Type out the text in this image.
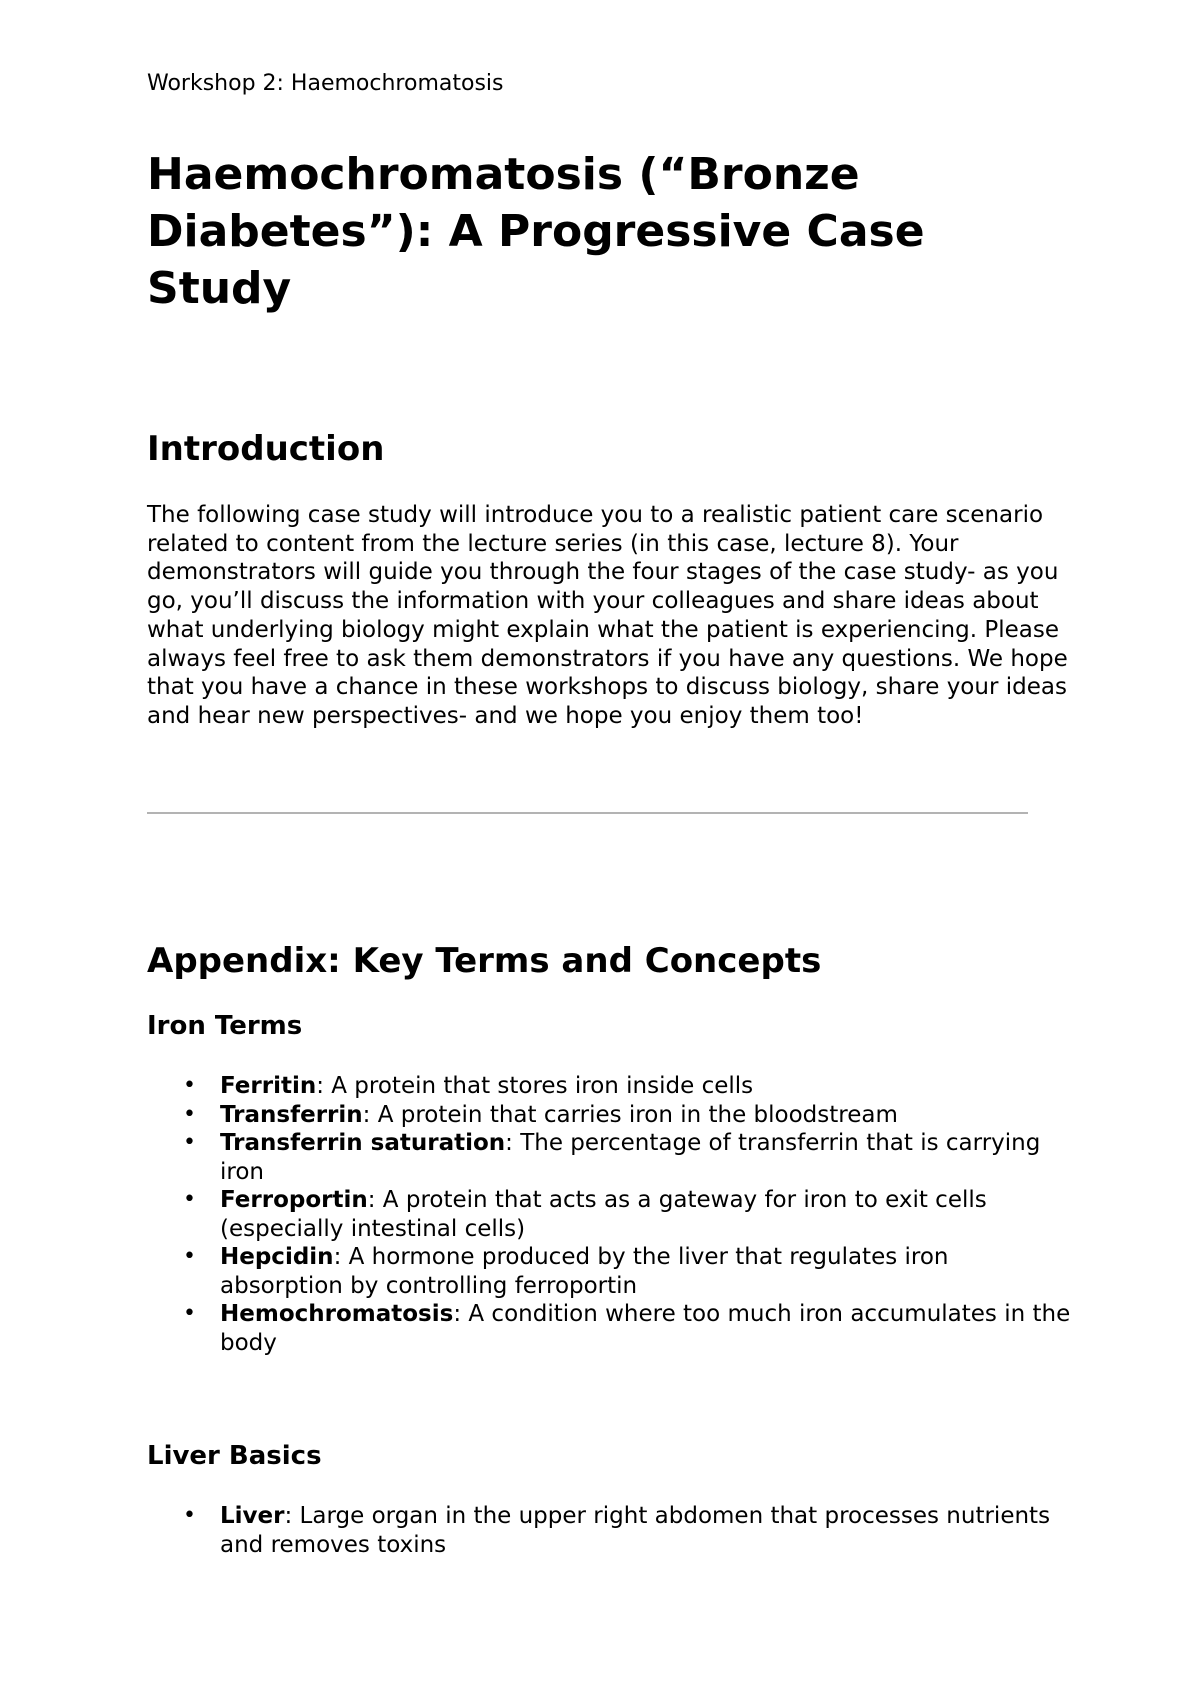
Workshop 2: Haemochromatosis
Haemochromatosis (“Bronze Diabetes”): A Progressive Case Study
Introduction

The following case study will introduce you to a realistic patient care scenario related to content from the lecture series (in this case, lecture 8). Your demonstrators will guide you through the four stages of the case study- as you go, you’ll discuss the information with your colleagues and share ideas about what underlying biology might explain what the patient is experiencing. Please always feel free to ask them demonstrators if you have any questions. We hope that you have a chance in these workshops to discuss biology, share your ideas and hear new perspectives- and we hope you enjoy them too!

Appendix: Key Terms and Concepts
Iron Terms
• Ferritin: A protein that stores iron inside cells
• Transferrin: A protein that carries iron in the bloodstream
• Transferrin saturation: The percentage of transferrin that is carrying iron
• Ferroportin: A protein that acts as a gateway for iron to exit cells (especially intestinal cells)
• Hepcidin: A hormone produced by the liver that regulates iron absorption by controlling ferroportin
• Hemochromatosis: A condition where too much iron accumulates in the body
Liver Basics
• Liver: Large organ in the upper right abdomen that processes nutrients and removes toxins
